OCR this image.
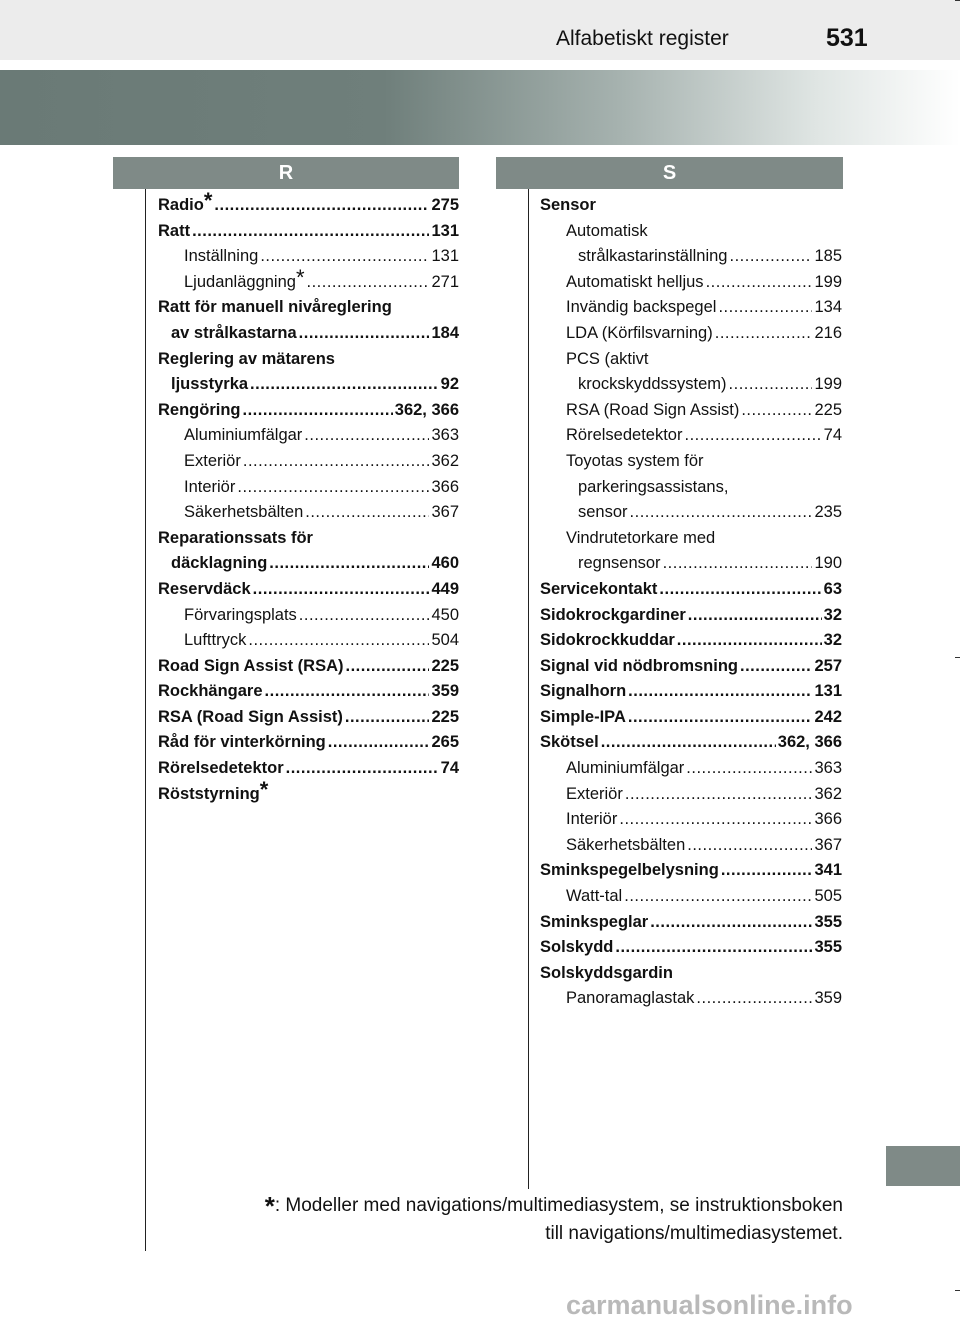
Alfabetiskt register	531
R	S
Radio* .....	275
Ratt .....	131
Inställning .....	131
Ljudanläggning* .....	271
Ratt för manuell nivåreglering
av strålkastarna .....	184
Reglering av mätarens
ljusstyrka .....	92
Rengöring .....	362, 366
Aluminiumfälgar .....	363
Exteriör .....	362
Interiör .....	366
Säkerhetsbälten .....	367
Reparationssats för
däcklagning .....	460
Reservdäck .....	449
Förvaringsplats .....	450
Lufttryck .....	504
Road Sign Assist (RSA) .....	225
Rockhängare .....	359
RSA (Road Sign Assist) .....	225
Råd för vinterkörning .....	265
Rörelsedetektor .....	74
Röststyrning*
Sensor
Automatisk
strålkastarinställning .....	185
Automatiskt helljus .....	199
Invändig backspegel .....	134
LDA (Körfilsvarning) .....	216
PCS (aktivt
krockskyddssystem) .....	199
RSA (Road Sign Assist) .....	225
Rörelsedetektor .....	74
Toyotas system för
parkeringsassistans,
sensor .....	235
Vindrutetorkare med
regnsensor .....	190
Servicekontakt .....	63
Sidokrockgardiner .....	32
Sidokrockkuddar .....	32
Signal vid nödbromsning .....	257
Signalhorn .....	131
Simple-IPA .....	242
Skötsel .....	362, 366
Aluminiumfälgar .....	363
Exteriör .....	362
Interiör .....	366
Säkerhetsbälten .....	367
Sminkspegelbelysning .....	341
Watt-tal .....	505
Sminkspeglar .....	355
Solskydd .....	355
Solskyddsgardin
Panoramaglastak .....	359
*: Modeller med navigations/multimediasystem, se instruktionsboken
till navigations/multimediasystemet.
carmanualsonline.info
